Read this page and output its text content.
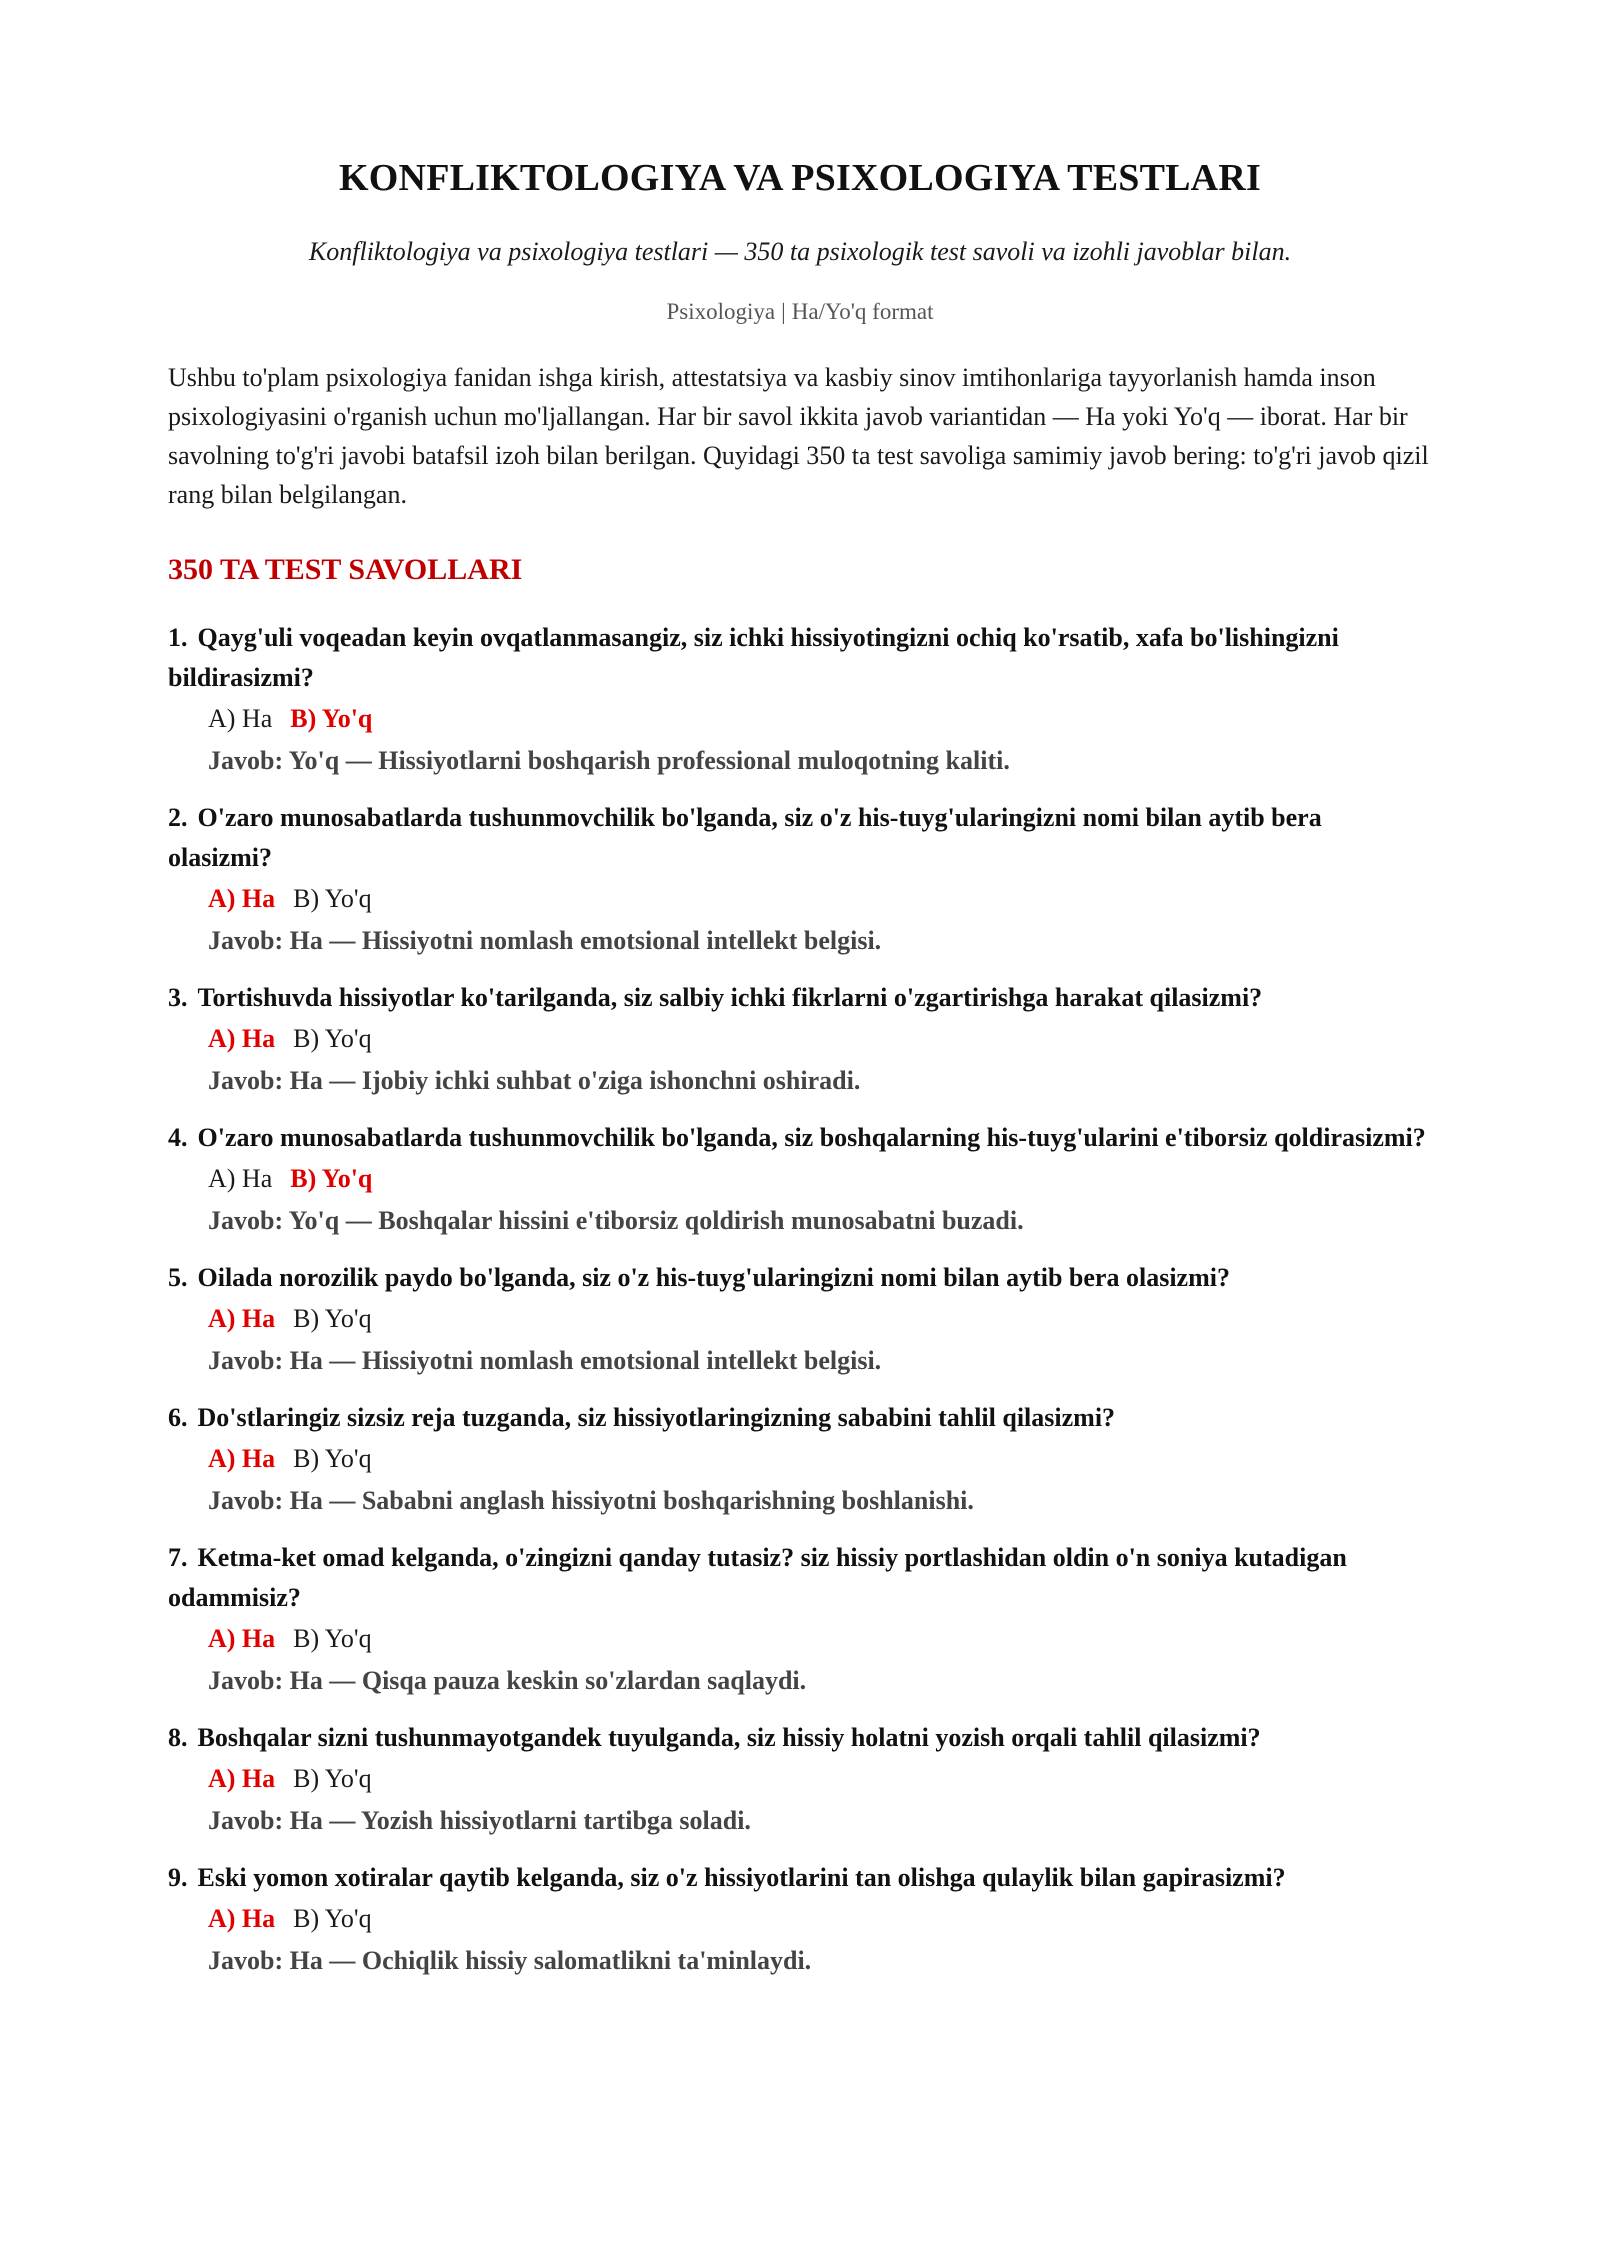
KONFLIKTOLOGIYA VA PSIXOLOGIYA TESTLARI

Konfliktologiya va psixologiya testlari — 350 ta psixologik test savoli va izohli javoblar bilan.

Psixologiya | Ha/Yo'q format

Ushbu to'plam psixologiya fanidan ishga kirish, attestatsiya va kasbiy sinov imtihonlariga tayyorlanish hamda inson psixologiyasini o'rganish uchun mo'ljallangan. Har bir savol ikkita javob variantidan — Ha yoki Yo'q — iborat. Har bir savolning to'g'ri javobi batafsil izoh bilan berilgan. Quyidagi 350 ta test savoliga samimiy javob bering: to'g'ri javob qizil rang bilan belgilangan.

350 TA TEST SAVOLLARI

1. Qayg'uli voqeadan keyin ovqatlanmasangiz, siz ichki hissiyotingizni ochiq ko'rsatib, xafa bo'lishingizni bildirasizmi?

A) Ha B) Yo'q
Javob: Yo'q — Hissiyotlarni boshqarish professional muloqotning kaliti.

2. O'zaro munosabatlarda tushunmovchilik bo'lganda, siz o'z his-tuyg'ularingizni nomi bilan aytib bera olasizmi?

A) Ha B) Yo'q
Javob: Ha — Hissiyotni nomlash emotsional intellekt belgisi.

3. Tortishuvda hissiyotlar ko'tarilganda, siz salbiy ichki fikrlarni o'zgartirishga harakat qilasizmi?

A) Ha B) Yo'q
Javob: Ha — Ijobiy ichki suhbat o'ziga ishonchni oshiradi.

4. O'zaro munosabatlarda tushunmovchilik bo'lganda, siz boshqalarning his-tuyg'ularini e'tiborsiz qoldirasizmi?

A) Ha B) Yo'q
Javob: Yo'q — Boshqalar hissini e'tiborsiz qoldirish munosabatni buzadi.

5. Oilada norozilik paydo bo'lganda, siz o'z his-tuyg'ularingizni nomi bilan aytib bera olasizmi?

A) Ha B) Yo'q
Javob: Ha — Hissiyotni nomlash emotsional intellekt belgisi.

6. Do'stlaringiz sizsiz reja tuzganda, siz hissiyotlaringizning sababini tahlil qilasizmi?

A) Ha B) Yo'q
Javob: Ha — Sababni anglash hissiyotni boshqarishning boshlanishi.

7. Ketma-ket omad kelganda, o'zingizni qanday tutasiz? siz hissiy portlashidan oldin o'n soniya kutadigan odammisiz?

A) Ha B) Yo'q
Javob: Ha — Qisqa pauza keskin so'zlardan saqlaydi.

8. Boshqalar sizni tushunmayotgandek tuyulganda, siz hissiy holatni yozish orqali tahlil qilasizmi?

A) Ha B) Yo'q
Javob: Ha — Yozish hissiyotlarni tartibga soladi.

9. Eski yomon xotiralar qaytib kelganda, siz o'z hissiyotlarini tan olishga qulaylik bilan gapirasizmi?

A) Ha B) Yo'q
Javob: Ha — Ochiqlik hissiy salomatlikni ta'minlaydi.
